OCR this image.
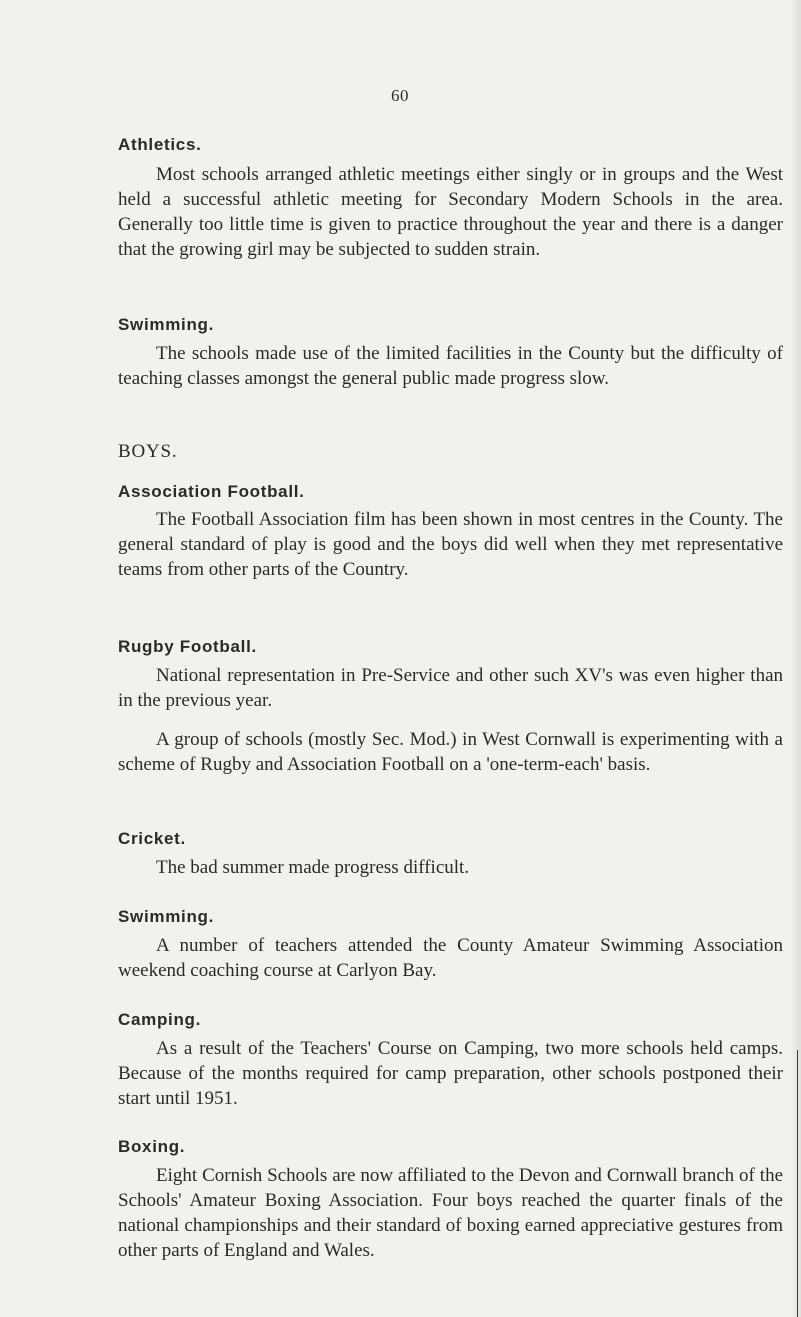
60
Athletics.

Most schools arranged athletic meetings either singly or in groups and the West held a successful athletic meeting for Secondary Modern Schools in the area. Generally too little time is given to practice throughout the year and there is a danger that the growing girl may be subjected to sudden strain.

Swimming.

The schools made use of the limited facilities in the County but the difficulty of teaching classes amongst the general public made progress slow.

BOYS.
Association Football.

The Football Association film has been shown in most centres in the County. The general standard of play is good and the boys did well when they met representative teams from other parts of the Country.

Rugby Football.

National representation in Pre-Service and other such XV's was even higher than in the previous year.

A group of schools (mostly Sec. Mod.) in West Cornwall is experimenting with a scheme of Rugby and Association Football on a 'one-term-each' basis.

Cricket.

The bad summer made progress difficult.

Swimming.

A number of teachers attended the County Amateur Swimming Association weekend coaching course at Carlyon Bay.

Camping.

As a result of the Teachers' Course on Camping, two more schools held camps. Because of the months required for camp preparation, other schools postponed their start until 1951.

Boxing.

Eight Cornish Schools are now affiliated to the Devon and Cornwall branch of the Schools' Amateur Boxing Association. Four boys reached the quarter finals of the national championships and their standard of boxing earned appreciative gestures from other parts of England and Wales.
